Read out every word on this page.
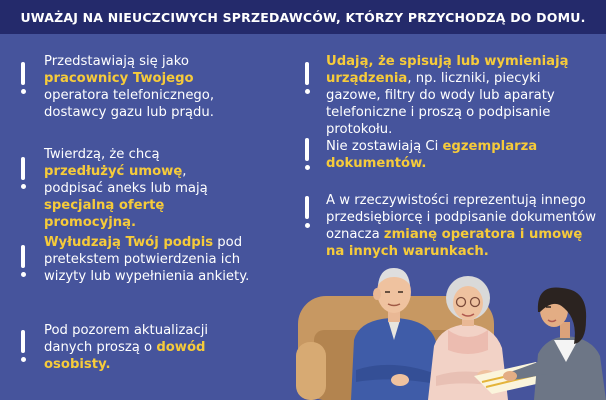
UWAŻAJ NA NIEUCZCIWYCH SPRZEDAWCÓW, KTÓRZY PRZYCHODZĄ DO DOMU.

Przedstawiają się jako pracownicy Twojego operatora telefonicznego, dostawcy gazu lub prądu.

Twierdzą, że chcą przedłużyć umowę, podpisać aneks lub mają specjalną ofertę promocyjną.

Wyłudzają Twój podpis pod pretekstem potwierdzenia ich wizyty lub wypełnienia ankiety.

Pod pozorem aktualizacji danych proszą o dowód osobisty.

Udają, że spisują lub wymieniają urządzenia, np. liczniki, piecyki gazowe, filtry do wody lub aparaty telefoniczne i proszą o podpisanie protokołu.

Nie zostawiają Ci egzemplarza dokumentów.

A w rzeczywistości reprezentują innego przedsiębiorcę i podpisanie dokumentów oznacza zmianę operatora i umowę na innych warunkach.
